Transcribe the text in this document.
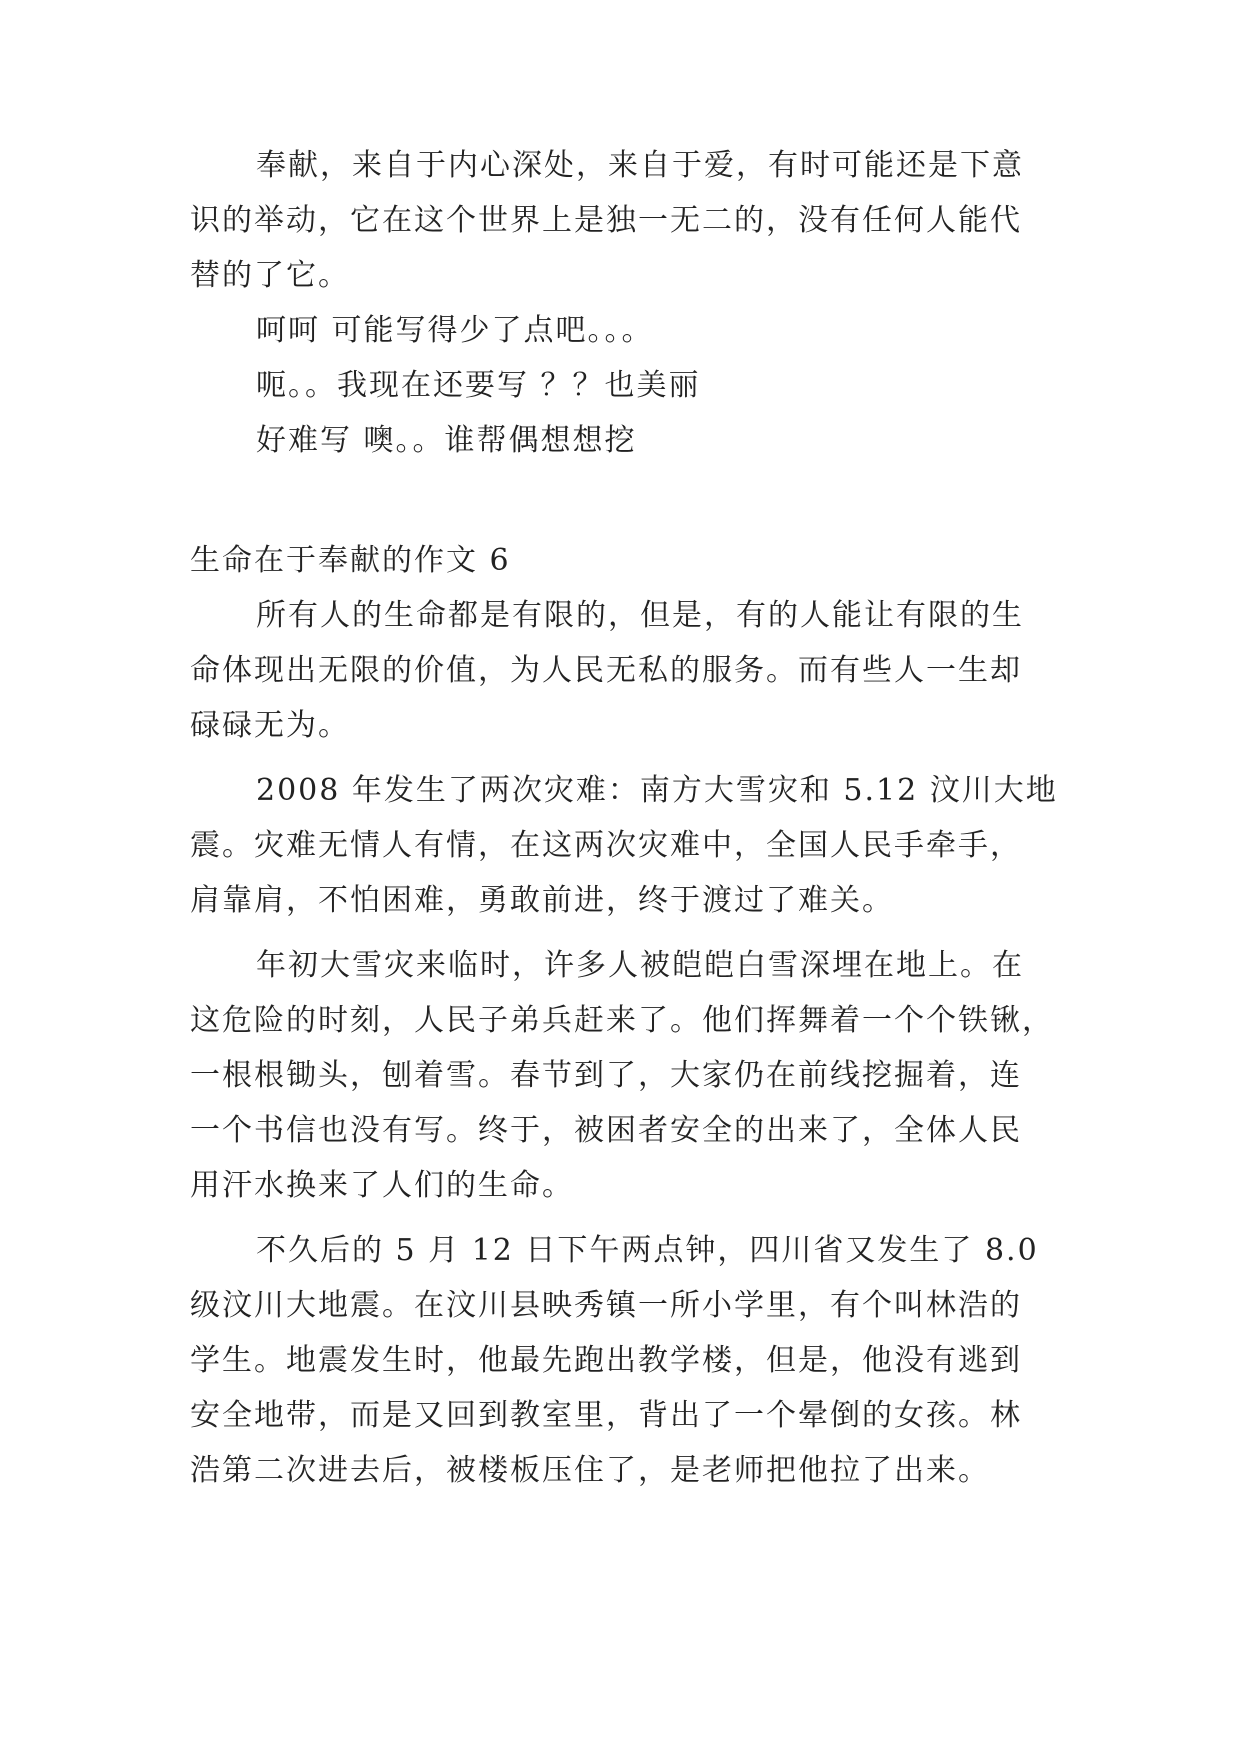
奉献，来自于内心深处，来自于爱，有时可能还是下意
识的举动，它在这个世界上是独一无二的，没有任何人能代
替的了它。
呵呵 可能写得少了点吧。。。
呃。。我现在还要写 ？？也美丽
好难写 噢。。谁帮偶想想挖
生命在于奉献的作文 6
所有人的生命都是有限的，但是，有的人能让有限的生
命体现出无限的价值，为人民无私的服务。而有些人一生却
碌碌无为。
2008 年发生了两次灾难：南方大雪灾和 5.12 汶川大地
震。灾难无情人有情，在这两次灾难中，全国人民手牵手，
肩靠肩，不怕困难，勇敢前进，终于渡过了难关。
年初大雪灾来临时，许多人被皑皑白雪深埋在地上。在
这危险的时刻，人民子弟兵赶来了。他们挥舞着一个个铁锹，
一根根锄头，刨着雪。春节到了，大家仍在前线挖掘着，连
一个书信也没有写。终于，被困者安全的出来了，全体人民
用汗水换来了人们的生命。
不久后的 5 月 12 日下午两点钟，四川省又发生了 8.0
级汶川大地震。在汶川县映秀镇一所小学里，有个叫林浩的
学生。地震发生时，他最先跑出教学楼，但是，他没有逃到
安全地带，而是又回到教室里，背出了一个晕倒的女孩。林
浩第二次进去后，被楼板压住了，是老师把他拉了出来。
